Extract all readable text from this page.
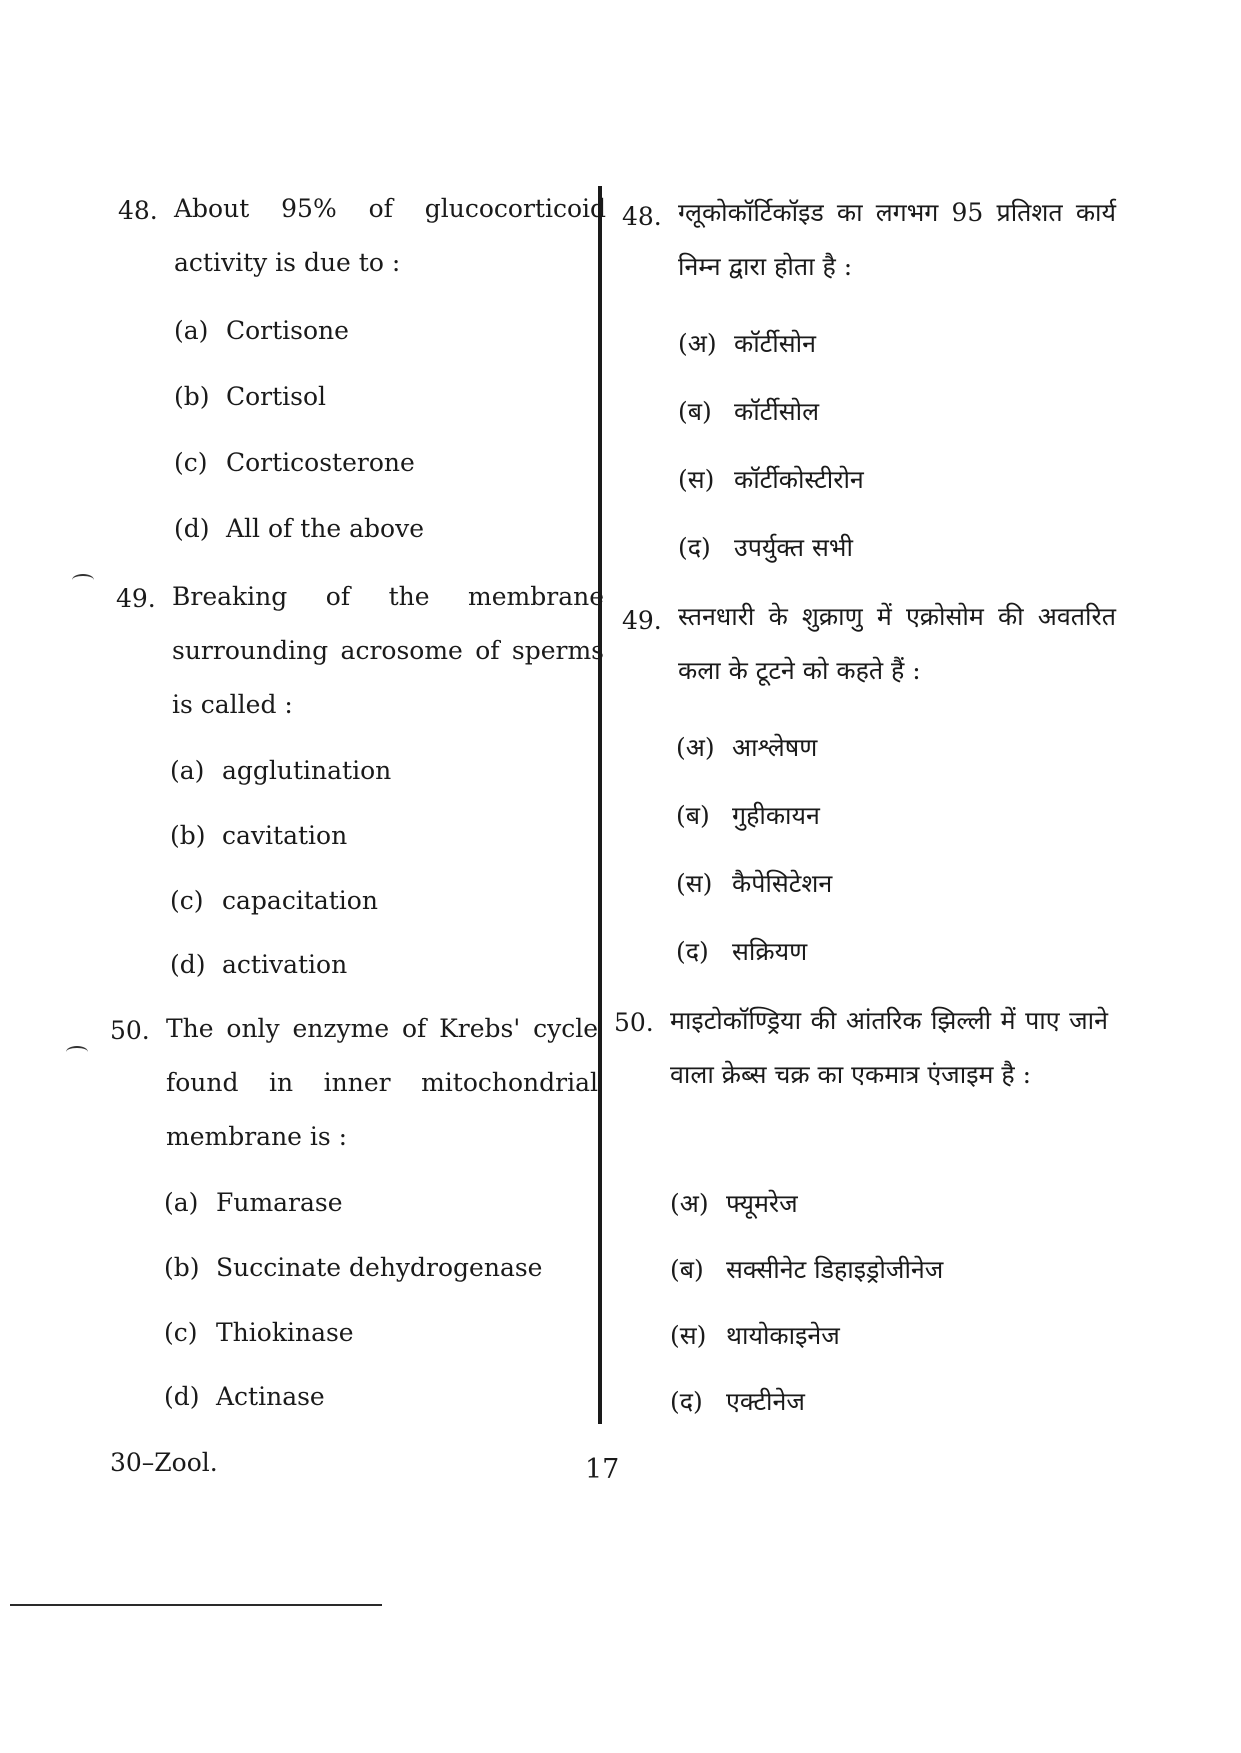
48. About 95% of glucocorticoid activity is due to :
(a) Cortisone
(b) Cortisol
(c) Corticosterone
(d) All of the above
49. Breaking of the membrane surrounding acrosome of sperms is called :
(a) agglutination
(b) cavitation
(c) capacitation
(d) activation
50. The only enzyme of Krebs' cycle found in inner mitochondrial membrane is :
(a) Fumarase
(b) Succinate dehydrogenase
(c) Thiokinase
(d) Actinase
48. ग्लूकोकॉर्टिकॉइड का लगभग 95 प्रतिशत कार्य निम्न द्वारा होता है :
(अ) कॉर्टीसोन
(ब) कॉर्टीसोल
(स) कॉर्टीकोस्टीरोन
(द) उपर्युक्त सभी
49. स्तनधारी के शुक्राणु में एक्रोसोम की अवतरित कला के टूटने को कहते हैं :
(अ) आश्लेषण
(ब) गुहीकायन
(स) कैपेसिटेशन
(द) सक्रियण
50. माइटोकॉण्ड्रिया की आंतरिक झिल्ली में पाए जाने वाला क्रेब्स चक्र का एकमात्र एंजाइम है :
(अ) फ्यूमरेज
(ब) सक्सीनेट डिहाइड्रोजीनेज
(स) थायोकाइनेज
(द) एक्टीनेज
30–Zool.	17
